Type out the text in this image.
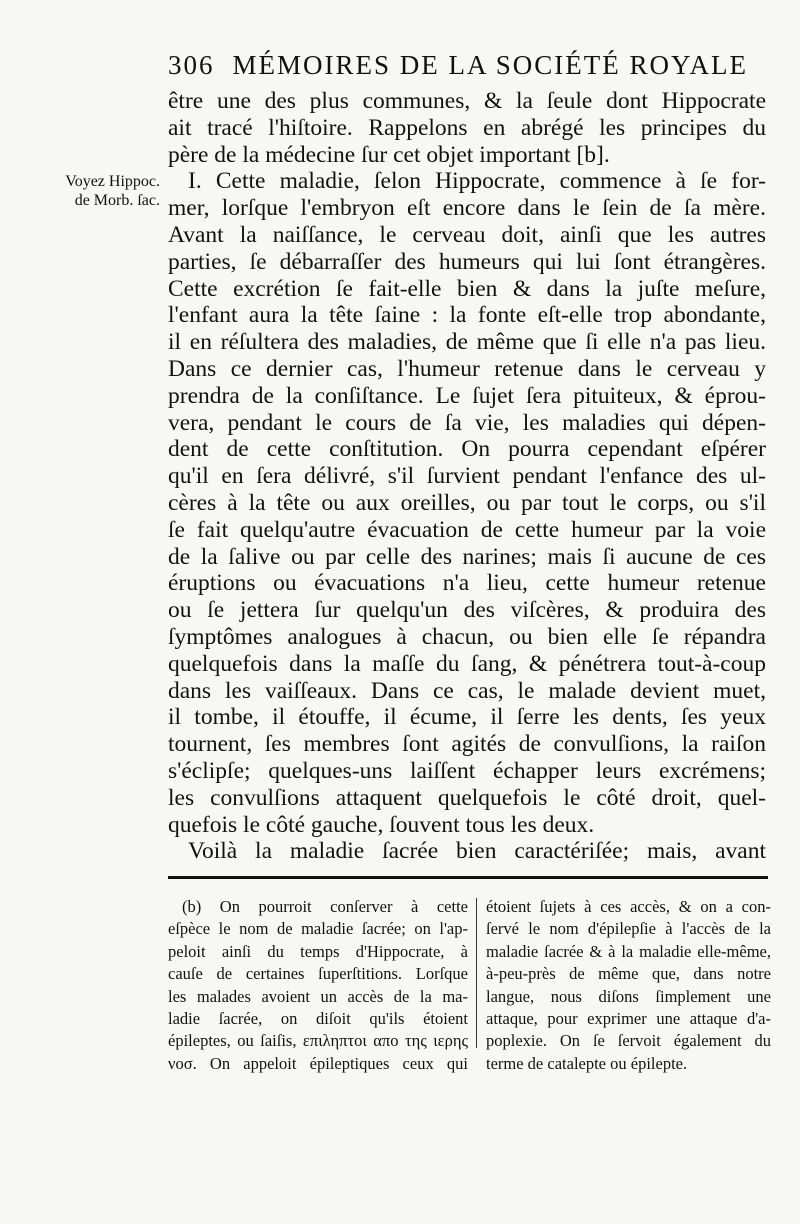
306 MÉMOIRES DE LA SOCIÉTÉ ROYALE
Voyez Hippoc.
de Morb. ſac.
être une des plus communes, & la ſeule dont Hippocrate
ait tracé l'hiſtoire. Rappelons en abrégé les principes du
père de la médecine ſur cet objet important [b].
I. Cette maladie, ſelon Hippocrate, commence à ſe for-
mer, lorſque l'embryon eſt encore dans le ſein de ſa mère.
Avant la naiſſance, le cerveau doit, ainſi que les autres
parties, ſe débarraſſer des humeurs qui lui ſont étrangères.
Cette excrétion ſe fait-elle bien & dans la juſte meſure,
l'enfant aura la tête ſaine : la fonte eſt-elle trop abondante,
il en réſultera des maladies, de même que ſi elle n'a pas lieu.
Dans ce dernier cas, l'humeur retenue dans le cerveau y
prendra de la conſiſtance. Le ſujet ſera pituiteux, & éprou-
vera, pendant le cours de ſa vie, les maladies qui dépen-
dent de cette conſtitution. On pourra cependant eſpérer
qu'il en ſera délivré, s'il ſurvient pendant l'enfance des ul-
cères à la tête ou aux oreilles, ou par tout le corps, ou s'il
ſe fait quelqu'autre évacuation de cette humeur par la voie
de la ſalive ou par celle des narines; mais ſi aucune de ces
éruptions ou évacuations n'a lieu, cette humeur retenue
ou ſe jettera ſur quelqu'un des viſcères, & produira des
ſymptômes analogues à chacun, ou bien elle ſe répandra
quelquefois dans la maſſe du ſang, & pénétrera tout-à-coup
dans les vaiſſeaux. Dans ce cas, le malade devient muet,
il tombe, il étouffe, il écume, il ſerre les dents, ſes yeux
tournent, ſes membres ſont agités de convulſions, la raiſon
s'éclipſe; quelques-uns laiſſent échapper leurs excrémens;
les convulſions attaquent quelquefois le côté droit, quel-
quefois le côté gauche, ſouvent tous les deux.
Voilà la maladie ſacrée bien caractériſée; mais, avant
(b) On pourroit conſerver à cette
eſpèce le nom de maladie ſacrée; on l'ap-
peloit ainſi du temps d'Hippocrate, à
cauſe de certaines ſuperſtitions. Lorſque
les malades avoient un accès de la ma-
ladie ſacrée, on diſoit qu'ils étoient
épileptes, ou ſaiſis, επιληπτοι απο της ιερης
νοσ. On appeloit épileptiques ceux qui
étoient ſujets à ces accès, & on a con-
ſervé le nom d'épilepſie à l'accès de la
maladie ſacrée & à la maladie elle-même,
à-peu-près de même que, dans notre
langue, nous diſons ſimplement une
attaque, pour exprimer une attaque d'a-
poplexie. On ſe ſervoit également du
terme de catalepte ou épilepte.
